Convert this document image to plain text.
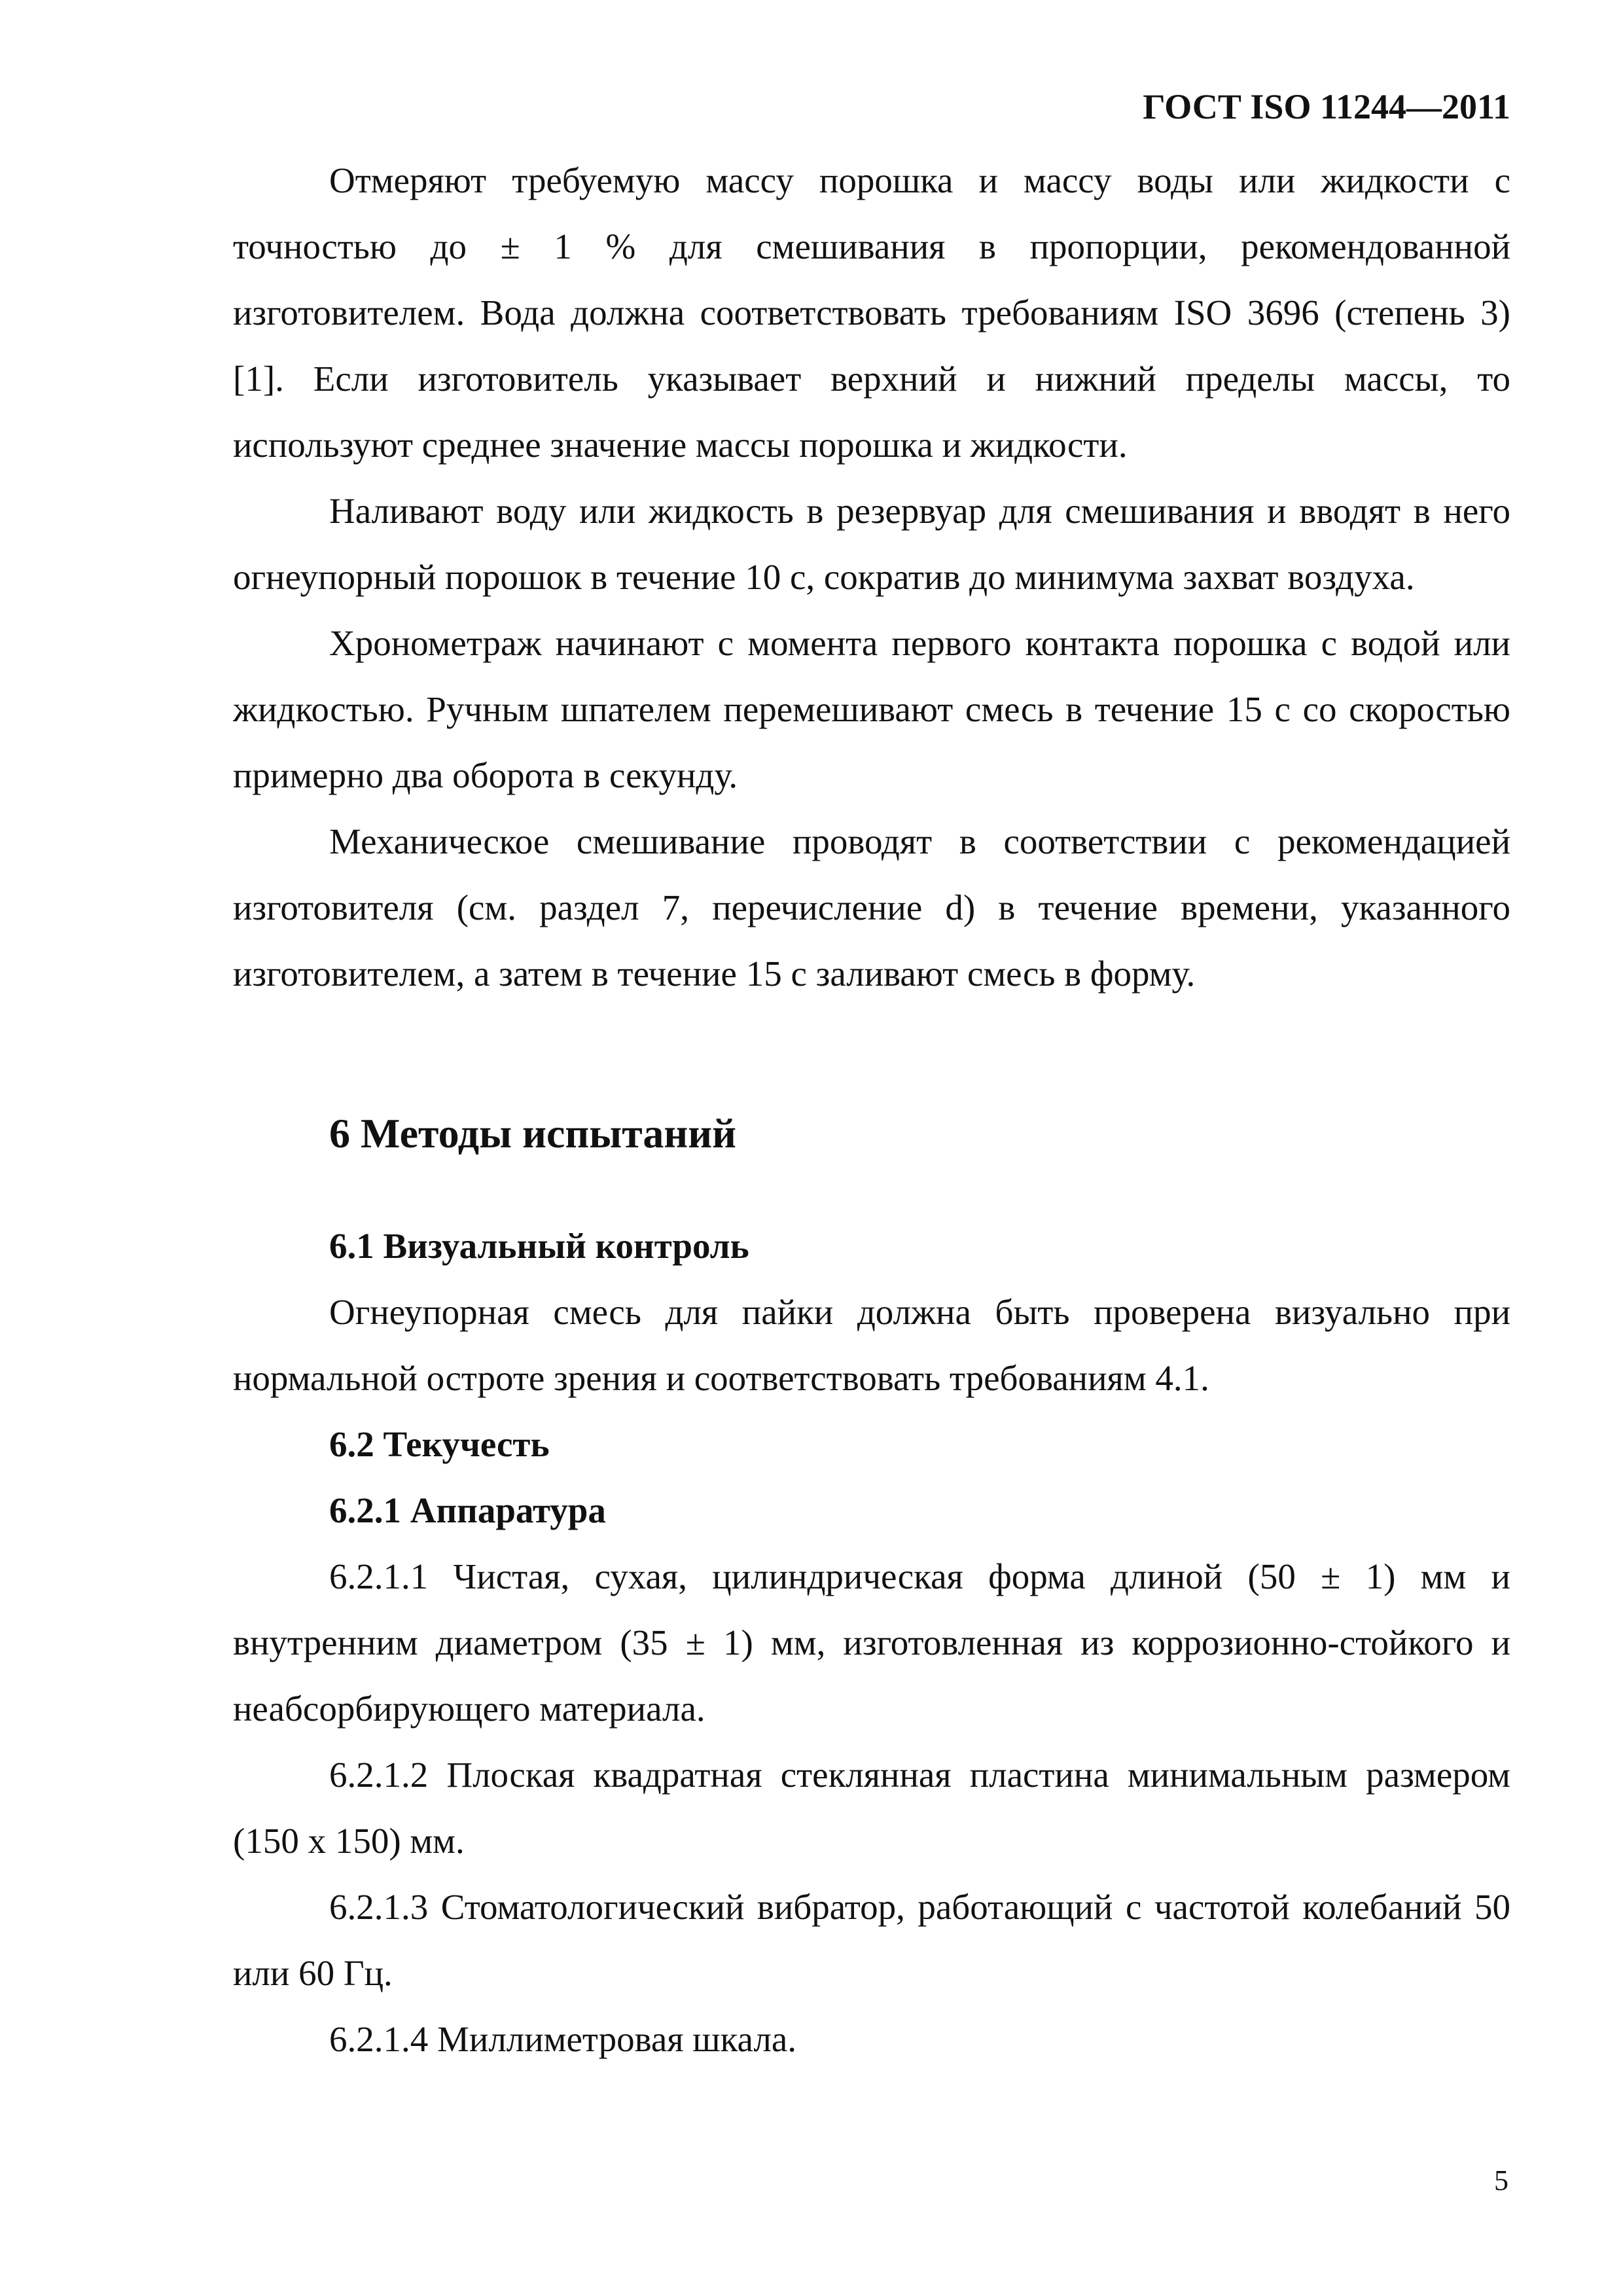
ГОСТ ISO 11244—2011

Отмеряют требуемую массу порошка и массу воды или жидкости с точностью до ± 1 % для смешивания в пропорции, рекомендованной изготовителем. Вода должна соответствовать требованиям ISO 3696 (степень 3) [1]. Если изготовитель указывает верхний и нижний пределы массы, то используют среднее значение массы порошка и жидкости.

Наливают воду или жидкость в резервуар для смешивания и вводят в него огнеупорный порошок в течение 10 с, сократив до минимума захват воздуха.

Хронометраж начинают с момента первого контакта порошка с водой или жидкостью. Ручным шпателем перемешивают смесь в течение 15 с со скоростью примерно два оборота в секунду.

Механическое смешивание проводят в соответствии с рекомендацией изготовителя (см. раздел 7, перечисление d) в течение времени, указанного изготовителем, а затем в течение 15 с заливают смесь в форму.

6 Методы испытаний
6.1 Визуальный контроль

Огнеупорная смесь для пайки должна быть проверена визуально при нормальной остроте зрения и соответствовать требованиям 4.1.

6.2 Текучесть
6.2.1 Аппаратура

6.2.1.1 Чистая, сухая, цилиндрическая форма длиной (50 ± 1) мм и внутренним диаметром (35 ± 1) мм, изготовленная из коррозионно-стойкого и неабсорбирующего материала.

6.2.1.2 Плоская квадратная стеклянная пластина минимальным размером (150 х 150) мм.

6.2.1.3 Стоматологический вибратор, работающий с частотой колебаний 50 или 60 Гц.

6.2.1.4 Миллиметровая шкала.

5
